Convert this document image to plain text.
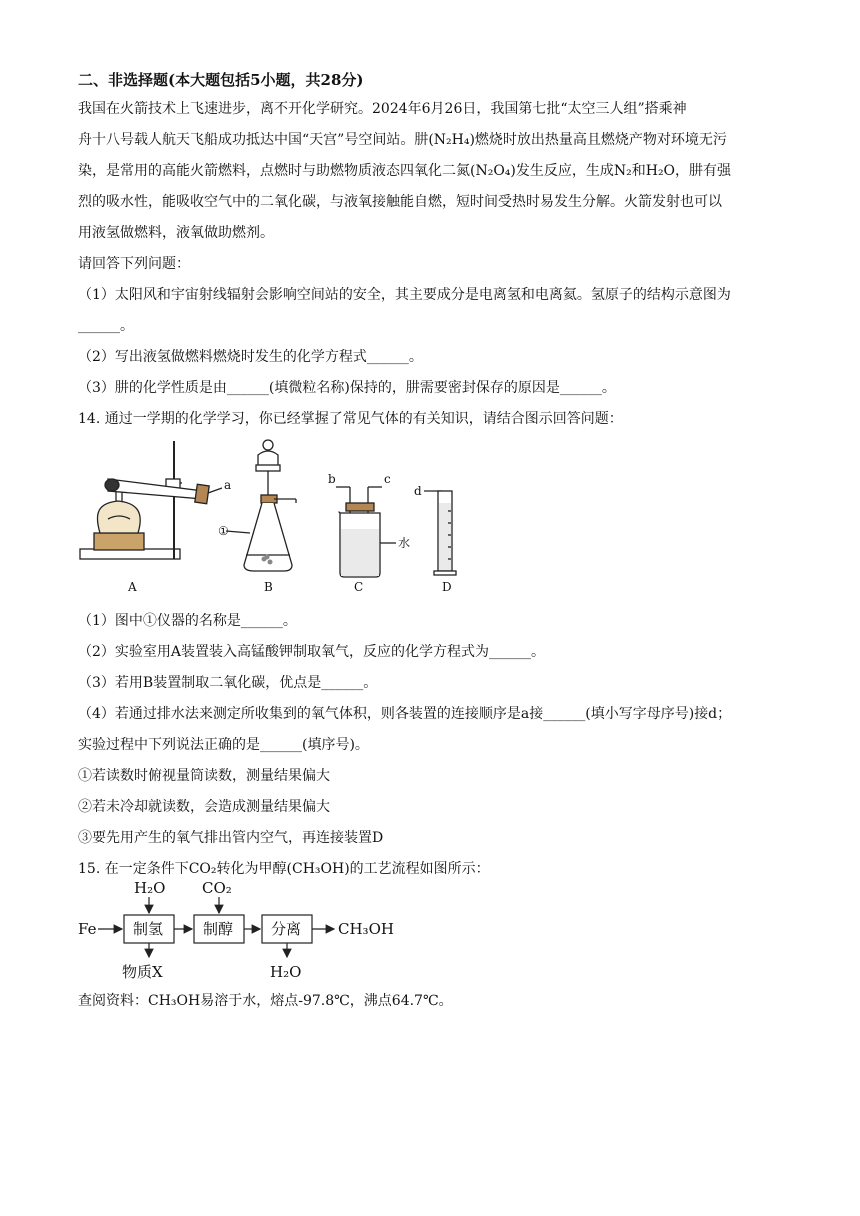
二、非选择题(本大题包括5小题，共28分)

我国在火箭技术上飞速进步，离不开化学研究。2024年6月26日，我国第七批“太空三人组”搭乘神

舟十八号载人航天飞船成功抵达中国“天宫”号空间站。肼(N₂H₄)燃烧时放出热量高且燃烧产物对环境无污

染，是常用的高能火箭燃料，点燃时与助燃物质液态四氧化二氮(N₂O₄)发生反应，生成N₂和H₂O，肼有强

烈的吸水性，能吸收空气中的二氧化碳，与液氧接触能自燃，短时间受热时易发生分解。火箭发射也可以

用液氢做燃料，液氧做助燃剂。

请回答下列问题：

（1）太阳风和宇宙射线辐射会影响空间站的安全，其主要成分是电离氢和电离氦。氢原子的结构示意图为

______。

（2）写出液氢做燃料燃烧时发生的化学方程式______。

（3）肼的化学性质是由______(填微粒名称)保持的，肼需要密封保存的原因是______。

14. 通过一学期的化学学习，你已经掌握了常见气体的有关知识，请结合图示回答问题：

a
A
①
B
b	c
水
C
d
D

（1）图中①仪器的名称是______。

（2）实验室用A装置装入高锰酸钾制取氧气，反应的化学方程式为______。

（3）若用B装置制取二氧化碳，优点是______。

（4）若通过排水法来测定所收集到的氧气体积，则各装置的连接顺序是a接______(填小写字母序号)接d；

实验过程中下列说法正确的是______(填序号)。

①若读数时俯视量筒读数，测量结果偏大

②若未冷却就读数，会造成测量结果偏大

③要先用产生的氧气排出管内空气，再连接装置D

15. 在一定条件下CO₂转化为甲醇(CH₃OH)的工艺流程如图所示：

Fe
H₂O CO₂
制氢	制醇	分离 CH₃OH
物质X	H₂O

查阅资料：CH₃OH易溶于水，熔点-97.8℃，沸点64.7℃。
